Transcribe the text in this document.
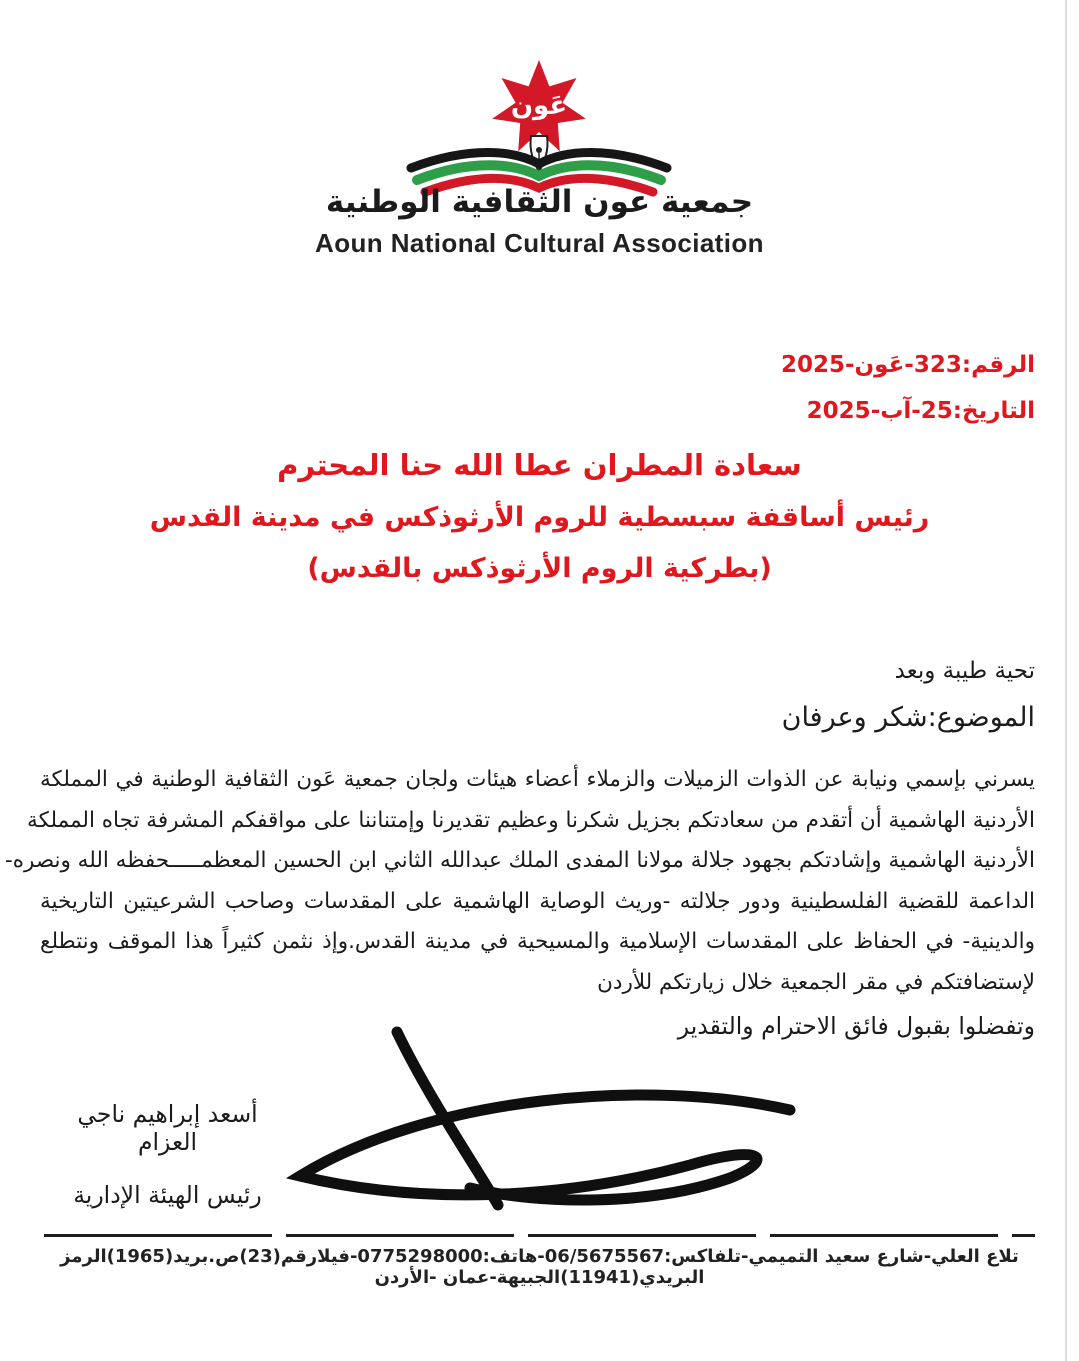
عَون
جمعية عون الثقافية الوطنية
Aoun National Cultural Association
الرقم:323-عَون-2025
التاريخ:25-آب-2025
سعادة المطران عطا الله حنا المحترم
رئيس أساقفة سبسطية للروم الأرثوذكس في مدينة القدس
(بطركية الروم الأرثوذكس بالقدس)
تحية طيبة وبعد
الموضوع:شكر وعرفان
يسرني بإسمي ونيابة عن الذوات الزميلات والزملاء أعضاء هيئات ولجان جمعية عَون الثقافية الوطنية في المملكة
الأردنية الهاشمية أن أتقدم من سعادتكم بجزيل شكرنا وعظيم تقديرنا وإمتناننا على مواقفكم المشرفة تجاه المملكة
الأردنية الهاشمية وإشادتكم بجهود جلالة مولانا المفدى الملك عبدالله الثاني ابن الحسين المعظمـــــحفظه الله ونصره-
الداعمة للقضية الفلسطينية ودور جلالته -وريث الوصاية الهاشمية على المقدسات وصاحب الشرعيتين التاريخية
والدينية- في الحفاظ على المقدسات الإسلامية والمسيحية في مدينة القدس.وإذ نثمن كثيراً هذا الموقف ونتطلع
لإستضافتكم في مقر الجمعية خلال زيارتكم للأردن
وتفضلوا بقبول فائق الاحترام والتقدير
أسعد إبراهيم ناجي العزام
رئيس الهيئة الإدارية
تلاع العلي-شارع سعيد التميمي-تلفاكس:06/5675567-هاتف:0775298000-فيلارقم(23)ص.بريد(1965)الرمز البريدي(11941)الجبيهة-عمان -الأردن
